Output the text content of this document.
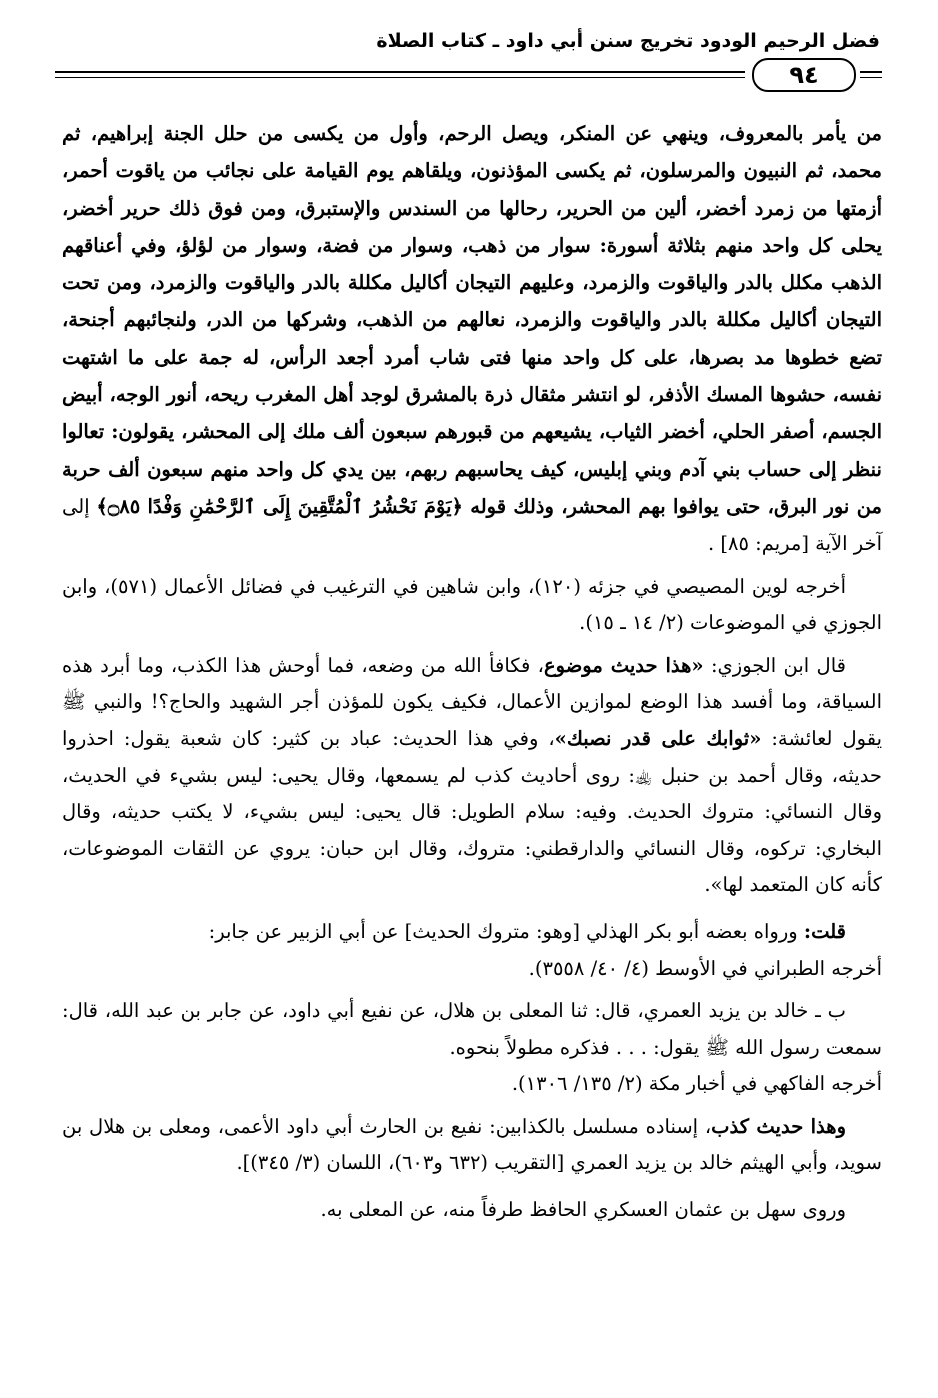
فضل الرحيم الودود تخريج سنن أبي داود ـ كتاب الصلاة
٩٤

من يأمر بالمعروف، وينهي عن المنكر، ويصل الرحم، وأول من يكسى من حلل الجنة إبراهيم، ثم محمد، ثم النبيون والمرسلون، ثم يكسى المؤذنون، ويلقاهم يوم القيامة على نجائب من ياقوت أحمر، أزمتها من زمرد أخضر، ألين من الحرير، رحالها من السندس والإستبرق، ومن فوق ذلك حرير أخضر، يحلى كل واحد منهم بثلاثة أسورة: سوار من ذهب، وسوار من فضة، وسوار من لؤلؤ، وفي أعناقهم الذهب مكلل بالدر والياقوت والزمرد، وعليهم التيجان أكاليل مكللة بالدر والياقوت والزمرد، ومن تحت التيجان أكاليل مكللة بالدر والياقوت والزمرد، نعالهم من الذهب، وشركها من الدر، ولنجائبهم أجنحة، تضع خطوها مد بصرها، على كل واحد منها فتى شاب أمرد أجعد الرأس، له جمة على ما اشتهت نفسه، حشوها المسك الأذفر، لو انتشر مثقال ذرة بالمشرق لوجد أهل المغرب ريحه، أنور الوجه، أبيض الجسم، أصفر الحلي، أخضر الثياب، يشيعهم من قبورهم سبعون ألف ملك إلى المحشر، يقولون: تعالوا ننظر إلى حساب بني آدم وبني إبليس، كيف يحاسبهم ربهم، بين يدي كل واحد منهم سبعون ألف حربة من نور البرق، حتى يوافوا بهم المحشر، وذلك قوله ﴿يَوْمَ نَحْشُرُ ٱلْمُتَّقِينَ إِلَى ٱلرَّحْمَٰنِ وَفْدًا ۝٨٥﴾ إلى آخر الآية [مريم: ٨٥] .

أخرجه لوين المصيصي في جزئه (١٢٠)، وابن شاهين في الترغيب في فضائل الأعمال (٥٧١)، وابن الجوزي في الموضوعات (٢/ ١٤ ـ ١٥).

قال ابن الجوزي: «هذا حديث موضوع، فكافأ الله من وضعه، فما أوحش هذا الكذب، وما أبرد هذه السياقة، وما أفسد هذا الوضع لموازين الأعمال، فكيف يكون للمؤذن أجر الشهيد والحاج؟! والنبي ﷺ يقول لعائشة: «ثوابك على قدر نصبك»، وفي هذا الحديث: عباد بن كثير: كان شعبة يقول: احذروا حديثه، وقال أحمد بن حنبل ﵀: روى أحاديث كذب لم يسمعها، وقال يحيى: ليس بشيء في الحديث، وقال النسائي: متروك الحديث. وفيه: سلام الطويل: قال يحيى: ليس بشيء، لا يكتب حديثه، وقال البخاري: تركوه، وقال النسائي والدارقطني: متروك، وقال ابن حبان: يروي عن الثقات الموضوعات، كأنه كان المتعمد لها».

قلت: ورواه بعضه أبو بكر الهذلي [وهو: متروك الحديث] عن أبي الزبير عن جابر:

أخرجه الطبراني في الأوسط (٤/ ٤٠/ ٣٥٥٨).

ب ـ خالد بن يزيد العمري، قال: ثنا المعلى بن هلال، عن نفيع أبي داود، عن جابر بن عبد الله، قال: سمعت رسول الله ﷺ يقول: . . . فذكره مطولاً بنحوه.

أخرجه الفاكهي في أخبار مكة (٢/ ١٣٥/ ١٣٠٦).

وهذا حديث كذب، إسناده مسلسل بالكذابين: نفيع بن الحارث أبي داود الأعمى، ومعلى بن هلال بن سويد، وأبي الهيثم خالد بن يزيد العمري [التقريب (٦٣٢ و٦٠٣)، اللسان (٣/ ٣٤٥)].

وروى سهل بن عثمان العسكري الحافظ طرفاً منه، عن المعلى به.
